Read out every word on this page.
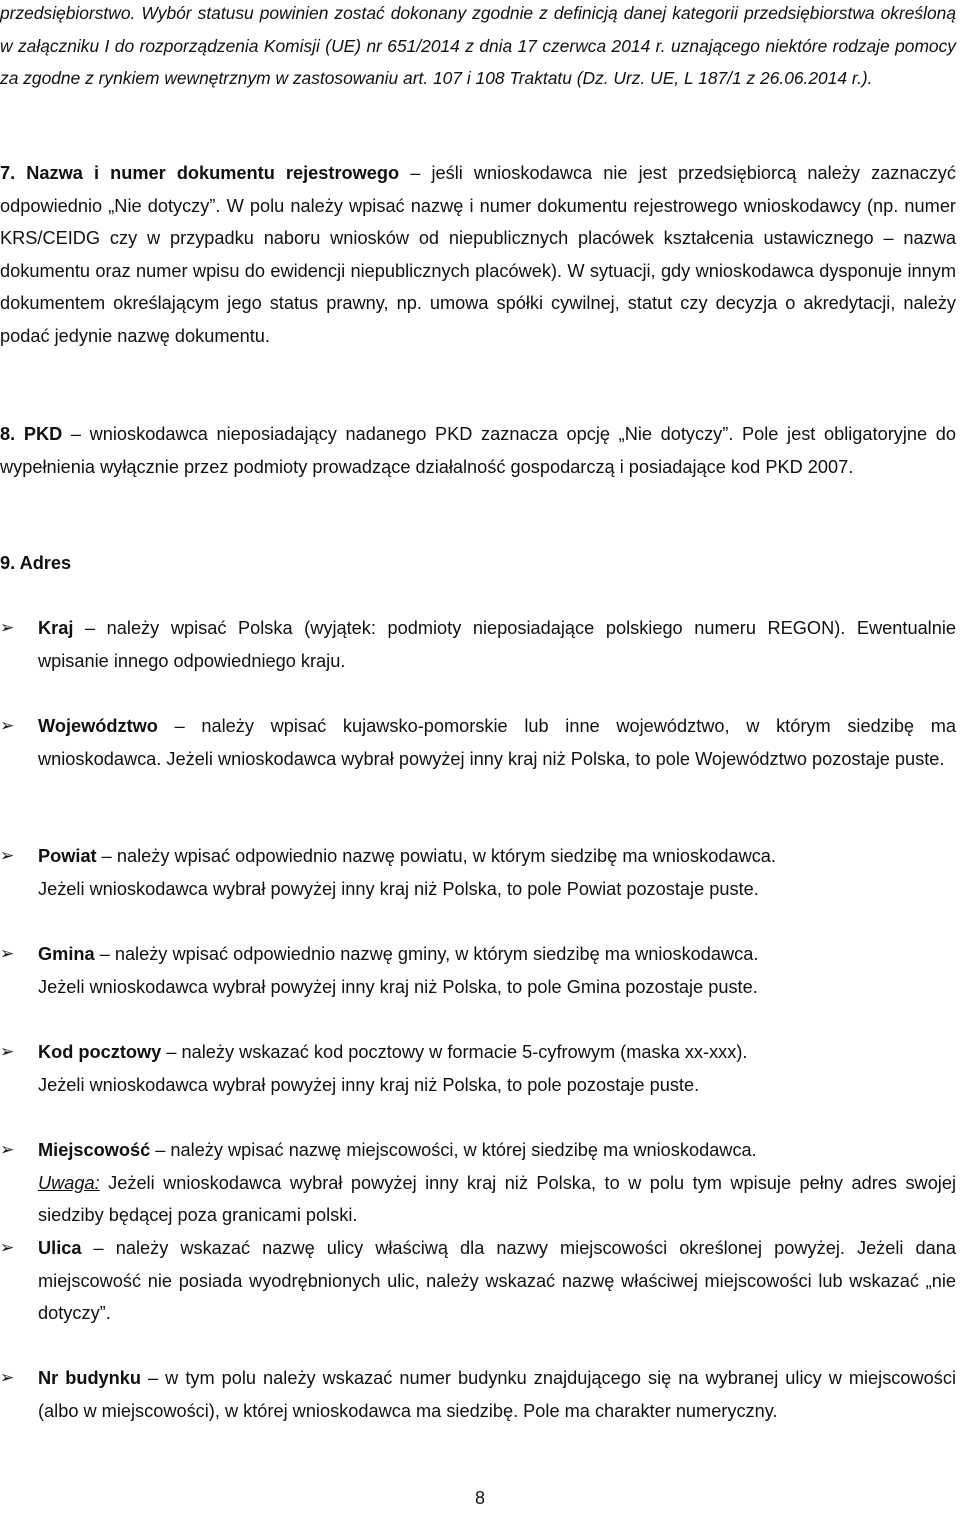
przedsiębiorstwo. Wybór statusu powinien zostać dokonany zgodnie z definicją danej kategorii przedsiębiorstwa określoną w załączniku I do rozporządzenia Komisji (UE) nr 651/2014 z dnia 17 czerwca 2014 r. uznającego niektóre rodzaje pomocy za zgodne z rynkiem wewnętrznym w zastosowaniu art. 107 i 108 Traktatu (Dz. Urz. UE, L 187/1 z 26.06.2014 r.).

7. Nazwa i numer dokumentu rejestrowego – jeśli wnioskodawca nie jest przedsiębiorcą należy zaznaczyć odpowiednio „Nie dotyczy”. W polu należy wpisać nazwę i numer dokumentu rejestrowego wnioskodawcy (np. numer KRS/CEIDG czy w przypadku naboru wniosków od niepublicznych placówek kształcenia ustawicznego – nazwa dokumentu oraz numer wpisu do ewidencji niepublicznych placówek). W sytuacji, gdy wnioskodawca dysponuje innym dokumentem określającym jego status prawny, np. umowa spółki cywilnej, statut czy decyzja o akredytacji, należy podać jedynie nazwę dokumentu.

8. PKD – wnioskodawca nieposiadający nadanego PKD zaznacza opcję „Nie dotyczy”. Pole jest obligatoryjne do wypełnienia wyłącznie przez podmioty prowadzące działalność gospodarczą i posiadające kod PKD 2007.

9. Adres

➢	Kraj – należy wpisać Polska (wyjątek: podmioty nieposiadające polskiego numeru REGON). Ewentualnie wpisanie innego odpowiedniego kraju.
➢	Województwo – należy wpisać kujawsko-pomorskie lub inne województwo, w którym siedzibę ma wnioskodawca. Jeżeli wnioskodawca wybrał powyżej inny kraj niż Polska, to pole Województwo pozostaje puste.
➢	Powiat – należy wpisać odpowiednio nazwę powiatu, w którym siedzibę ma wnioskodawca.
Jeżeli wnioskodawca wybrał powyżej inny kraj niż Polska, to pole Powiat pozostaje puste.
➢	Gmina – należy wpisać odpowiednio nazwę gminy, w którym siedzibę ma wnioskodawca.
Jeżeli wnioskodawca wybrał powyżej inny kraj niż Polska, to pole Gmina pozostaje puste.
➢	Kod pocztowy – należy wskazać kod pocztowy w formacie 5-cyfrowym (maska xx-xxx).
Jeżeli wnioskodawca wybrał powyżej inny kraj niż Polska, to pole pozostaje puste.
➢	Miejscowość – należy wpisać nazwę miejscowości, w której siedzibę ma wnioskodawca.
Uwaga: Jeżeli wnioskodawca wybrał powyżej inny kraj niż Polska, to w polu tym wpisuje pełny adres swojej siedziby będącej poza granicami polski.
➢	Ulica – należy wskazać nazwę ulicy właściwą dla nazwy miejscowości określonej powyżej. Jeżeli dana miejscowość nie posiada wyodrębnionych ulic, należy wskazać nazwę właściwej miejscowości lub wskazać „nie dotyczy”.
➢	Nr budynku – w tym polu należy wskazać numer budynku znajdującego się na wybranej ulicy w miejscowości (albo w miejscowości), w której wnioskodawca ma siedzibę. Pole ma charakter numeryczny.
8
